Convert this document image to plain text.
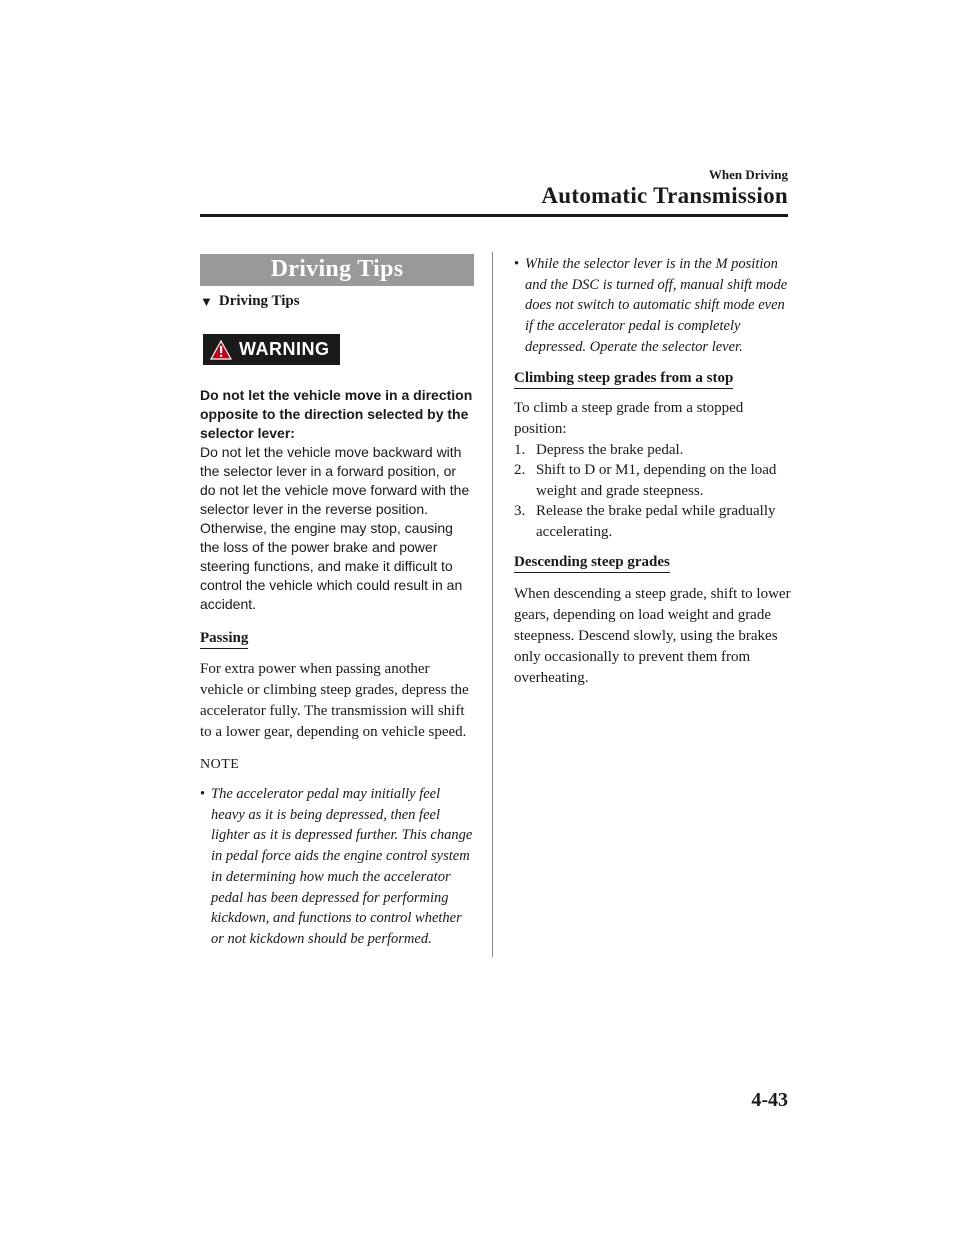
When Driving
Automatic Transmission
Driving Tips
▼ Driving Tips
WARNING
Do not let the vehicle move in a direction opposite to the direction selected by the selector lever:
Do not let the vehicle move backward with the selector lever in a forward position, or do not let the vehicle move forward with the selector lever in the reverse position. Otherwise, the engine may stop, causing the loss of the power brake and power steering functions, and make it difficult to control the vehicle which could result in an accident.
Passing
For extra power when passing another vehicle or climbing steep grades, depress the accelerator fully. The transmission will shift to a lower gear, depending on vehicle speed.
NOTE
• The accelerator pedal may initially feel heavy as it is being depressed, then feel lighter as it is depressed further. This change in pedal force aids the engine control system in determining how much the accelerator pedal has been depressed for performing kickdown, and functions to control whether or not kickdown should be performed.
• While the selector lever is in the M position and the DSC is turned off, manual shift mode does not switch to automatic shift mode even if the accelerator pedal is completely depressed. Operate the selector lever.
Climbing steep grades from a stop
To climb a steep grade from a stopped position:
1. Depress the brake pedal.
2. Shift to D or M1, depending on the load weight and grade steepness.
3. Release the brake pedal while gradually accelerating.
Descending steep grades
When descending a steep grade, shift to lower gears, depending on load weight and grade steepness. Descend slowly, using the brakes only occasionally to prevent them from overheating.
4-43
